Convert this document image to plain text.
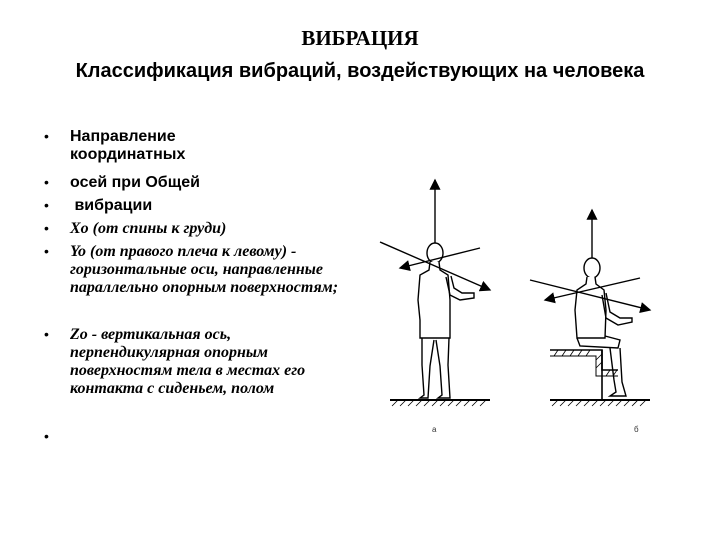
ВИБРАЦИЯ
Классификация вибраций, воздействующих на человека
•
•
•
•
•
•
•
Направление координатных
осей при Общей
вибрации
Xo (от спины к груди)
Yo (от правого плеча к левому) - горизонтальные оси, направленные параллельно опорным поверхностям;
Zo - вертикальная ось, перпендикулярная опорным поверхностям тела в местах его контакта с сиденьем, полом
a	б
